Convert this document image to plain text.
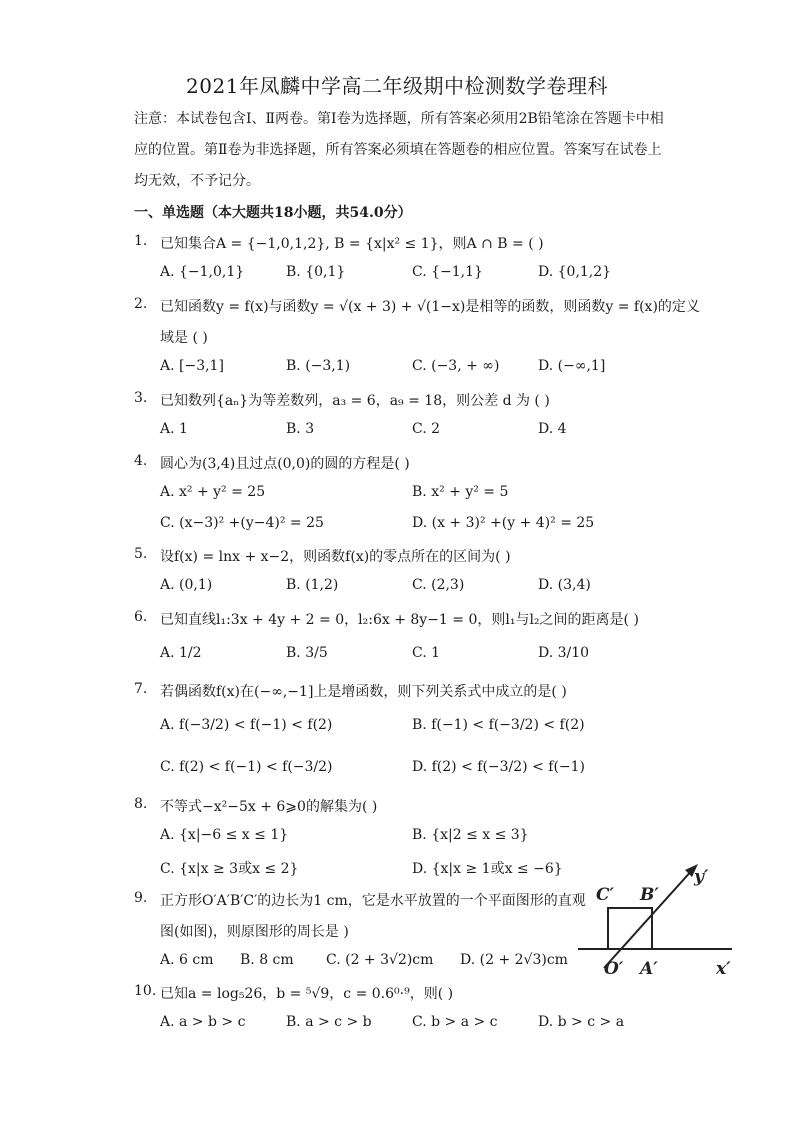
2021年凤麟中学高二年级期中检测数学卷理科
注意：本试卷包含Ⅰ、Ⅱ两卷。第Ⅰ卷为选择题，所有答案必须用2B铅笔涂在答题卡中相应的位置。第Ⅱ卷为非选择题，所有答案必须填在答题卷的相应位置。答案写在试卷上均无效，不予记分。
一、单选题（本大题共18小题，共54.0分）
1. 已知集合A = {−1,0,1,2}, B = {x|x² ≤ 1}，则A ∩ B = ( )
A. {−1,0,1}	B. {0,1}	C. {−1,1}	D. {0,1,2}
2. 已知函数y = f(x)与函数y = √(x + 3) + √(1−x)是相等的函数，则函数y = f(x)的定义
域是 ( )
A. [−3,1]	B. (−3,1)	C. (−3, + ∞)	D. (−∞,1]
3. 已知数列{aₙ}为等差数列，a₃ = 6，a₉ = 18，则公差 d 为 ( )
A. 1	B. 3	C. 2	D. 4
4. 圆心为(3,4)且过点(0,0)的圆的方程是( )
A. x² + y² = 25	B. x² + y² = 5
C. (x−3)² +(y−4)² = 25	D. (x + 3)² +(y + 4)² = 25
5. 设f(x) = lnx + x−2，则函数f(x)的零点所在的区间为( )
A. (0,1)	B. (1,2)	C. (2,3)	D. (3,4)
6. 已知直线l₁:3x + 4y + 2 = 0，l₂:6x + 8y−1 = 0，则l₁与l₂之间的距离是( )
A. 1/2	B. 3/5	C. 1	D. 3/10
7. 若偶函数f(x)在(−∞,−1]上是增函数，则下列关系式中成立的是( )
A. f(−3/2) < f(−1) < f(2)	B. f(−1) < f(−3/2) < f(2)
C. f(2) < f(−1) < f(−3/2)	D. f(2) < f(−3/2) < f(−1)
8. 不等式−x²−5x + 6⩾0的解集为( )
A. {x|−6 ≤ x ≤ 1}	B. {x|2 ≤ x ≤ 3}
C. {x|x ≥ 3或x ≤ 2}	D. {x|x ≥ 1或x ≤ −6}
9. 正方形O′A′B′C′的边长为1 cm，它是水平放置的一个平面图形的直观
图(如图)，则原图形的周长是 )
A. 6 cm B. 8 cm C. (2 + 3√2)cm D. (2 + 2√3)cm
C′ B′
O′ A′	x′
y′
10. 已知a = log₅26，b = ⁵√9，c = 0.6⁰·⁹，则( )
A. a > b > c	B. a > c > b	C. b > a > c	D. b > c > a
